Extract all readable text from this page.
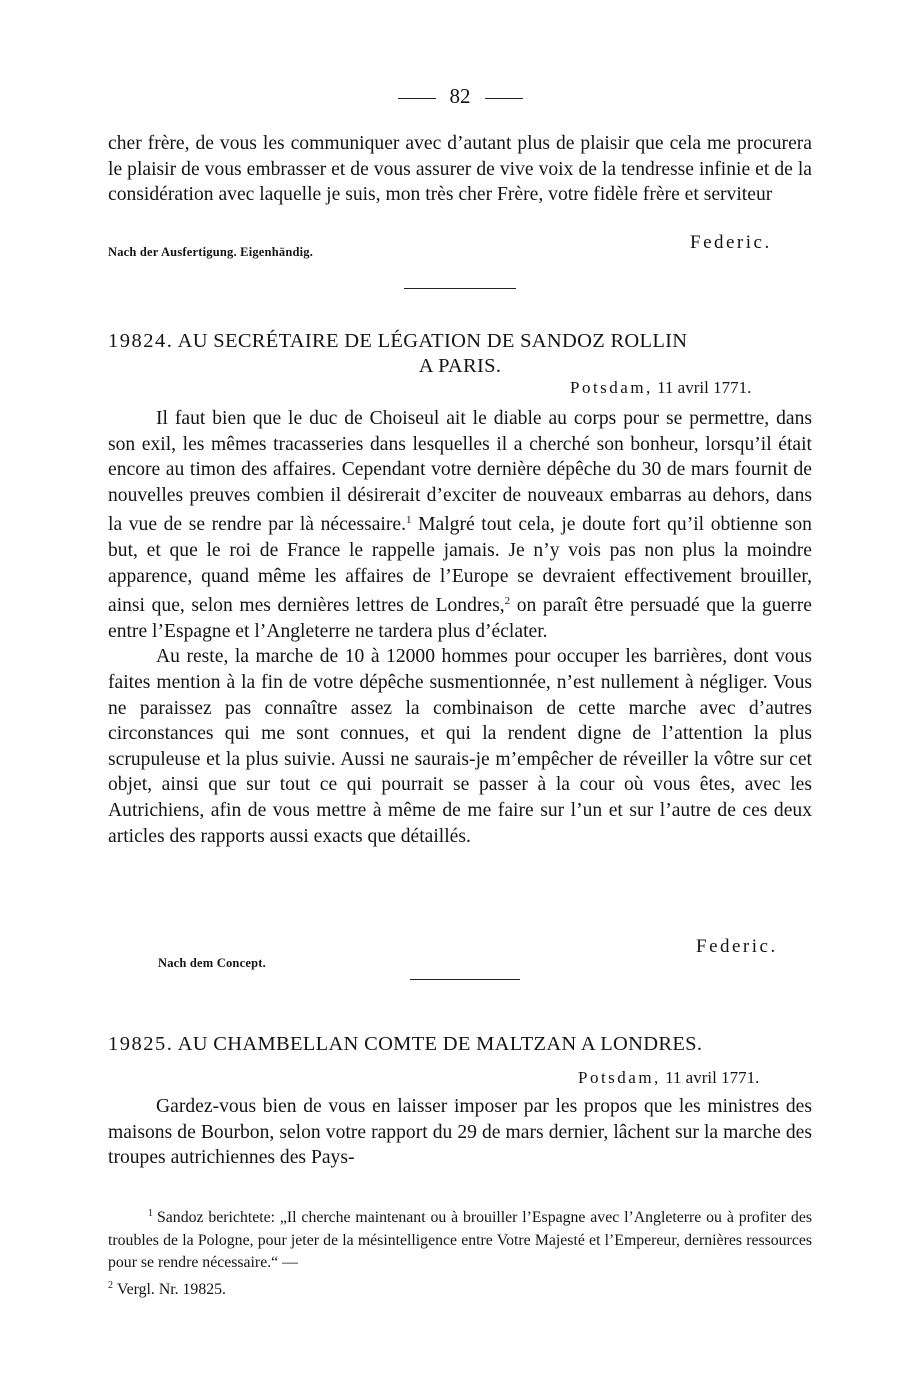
82

cher frère, de vous les communiquer avec d’autant plus de plaisir que cela me procurera le plaisir de vous embrasser et de vous assurer de vive voix de la tendresse infinie et de la considération avec laquelle je suis, mon très cher Frère, votre fidèle frère et serviteur

Nach der Ausfertigung. Eigenhändig.	Federic.
19824. AU SECRÉTAIRE DE LÉGATION DE SANDOZ ROLLIN
A PARIS.
Potsdam, 11 avril 1771.

Il faut bien que le duc de Choiseul ait le diable au corps pour se permettre, dans son exil, les mêmes tracasseries dans lesquelles il a cherché son bonheur, lorsqu’il était encore au timon des affaires. Cependant votre dernière dépêche du 30 de mars fournit de nouvelles preuves combien il désirerait d’exciter de nouveaux embarras au dehors, dans la vue de se rendre par là nécessaire.$^1$ Malgré tout cela, je doute fort qu’il obtienne son but, et que le roi de France le rappelle jamais. Je n’y vois pas non plus la moindre apparence, quand même les affaires de l’Europe se devraient effectivement brouiller, ainsi que, selon mes dernières lettres de Londres,$^2$ on paraît être persuadé que la guerre entre l’Espagne et l’Angleterre ne tardera plus d’éclater.

Au reste, la marche de 10 à 12000 hommes pour occuper les barrières, dont vous faites mention à la fin de votre dépêche susmentionnée, n’est nullement à négliger. Vous ne paraissez pas connaître assez la combinaison de cette marche avec d’autres circonstances qui me sont connues, et qui la rendent digne de l’attention la plus scrupuleuse et la plus suivie. Aussi ne saurais-je m’empêcher de réveiller la vôtre sur cet objet, ainsi que sur tout ce qui pourrait se passer à la cour où vous êtes, avec les Autrichiens, afin de vous mettre à même de me faire sur l’un et sur l’autre de ces deux articles des rapports aussi exacts que détaillés.

Federic.
Nach dem Concept.
19825. AU CHAMBELLAN COMTE DE MALTZAN A LONDRES.
Potsdam, 11 avril 1771.

Gardez-vous bien de vous en laisser imposer par les propos que les ministres des maisons de Bourbon, selon votre rapport du 29 de mars dernier, lâchent sur la marche des troupes autrichiennes des Pays-

$^1$ Sandoz berichtete: „Il cherche maintenant ou à brouiller l’Espagne avec l’Angleterre ou à profiter des troubles de la Pologne, pour jeter de la mésintelligence entre Votre Majesté et l’Empereur, dernières ressources pour se rendre nécessaire.“ —
$^2$ Vergl. Nr. 19825.
